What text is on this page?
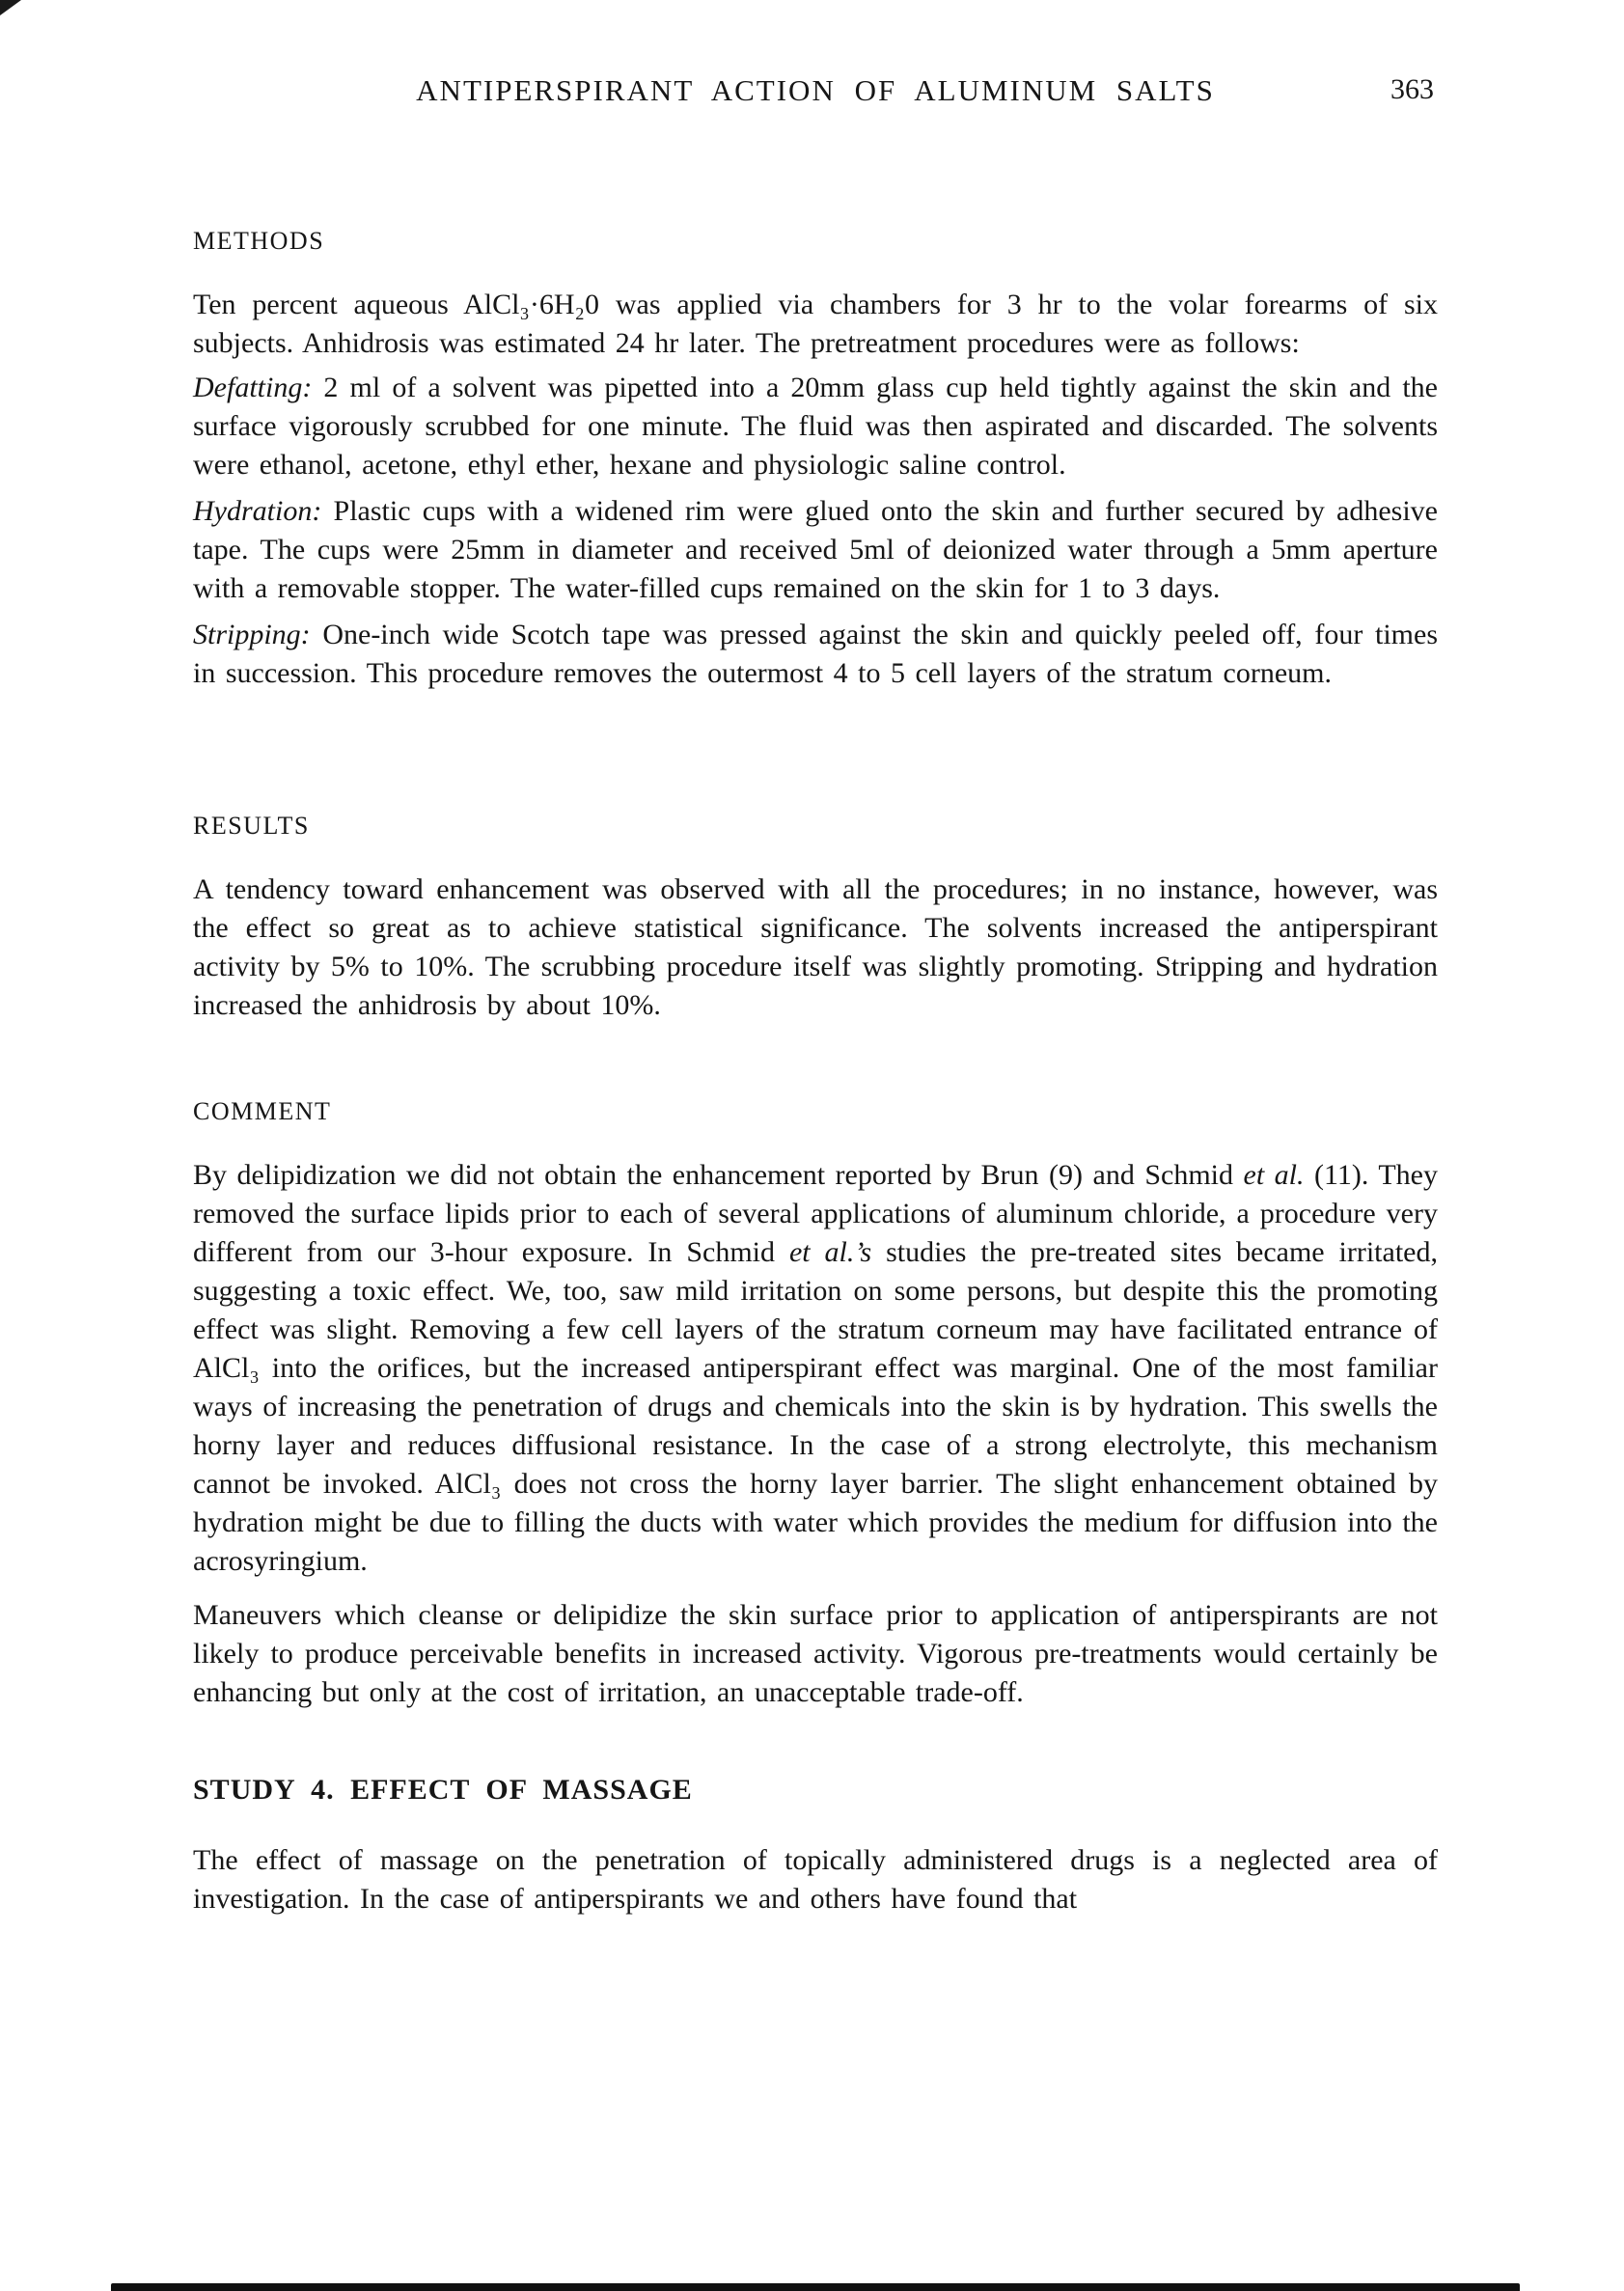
ANTIPERSPIRANT ACTION OF ALUMINUM SALTS	363
METHODS

Ten percent aqueous AlCl₃·6H₂0 was applied via chambers for 3 hr to the volar forearms of six subjects. Anhidrosis was estimated 24 hr later. The pretreatment procedures were as follows:

Defatting: 2 ml of a solvent was pipetted into a 20mm glass cup held tightly against the skin and the surface vigorously scrubbed for one minute. The fluid was then aspirated and discarded. The solvents were ethanol, acetone, ethyl ether, hexane and physiologic saline control.

Hydration: Plastic cups with a widened rim were glued onto the skin and further secured by adhesive tape. The cups were 25mm in diameter and received 5ml of deionized water through a 5mm aperture with a removable stopper. The water-filled cups remained on the skin for 1 to 3 days.

Stripping: One-inch wide Scotch tape was pressed against the skin and quickly peeled off, four times in succession. This procedure removes the outermost 4 to 5 cell layers of the stratum corneum.

RESULTS

A tendency toward enhancement was observed with all the procedures; in no instance, however, was the effect so great as to achieve statistical significance. The solvents increased the antiperspirant activity by 5% to 10%. The scrubbing procedure itself was slightly promoting. Stripping and hydration increased the anhidrosis by about 10%.

COMMENT

By delipidization we did not obtain the enhancement reported by Brun (9) and Schmid et al. (11). They removed the surface lipids prior to each of several applications of aluminum chloride, a procedure very different from our 3-hour exposure. In Schmid et al.’s studies the pre-treated sites became irritated, suggesting a toxic effect. We, too, saw mild irritation on some persons, but despite this the promoting effect was slight. Removing a few cell layers of the stratum corneum may have facilitated entrance of AlCl₃ into the orifices, but the increased antiperspirant effect was marginal. One of the most familiar ways of increasing the penetration of drugs and chemicals into the skin is by hydration. This swells the horny layer and reduces diffusional resistance. In the case of a strong electrolyte, this mechanism cannot be invoked. AlCl₃ does not cross the horny layer barrier. The slight enhancement obtained by hydration might be due to filling the ducts with water which provides the medium for diffusion into the acrosyringium.

Maneuvers which cleanse or delipidize the skin surface prior to application of antiperspirants are not likely to produce perceivable benefits in increased activity. Vigorous pre-treatments would certainly be enhancing but only at the cost of irritation, an unacceptable trade-off.

STUDY 4. EFFECT OF MASSAGE

The effect of massage on the penetration of topically administered drugs is a neglected area of investigation. In the case of antiperspirants we and others have found that
